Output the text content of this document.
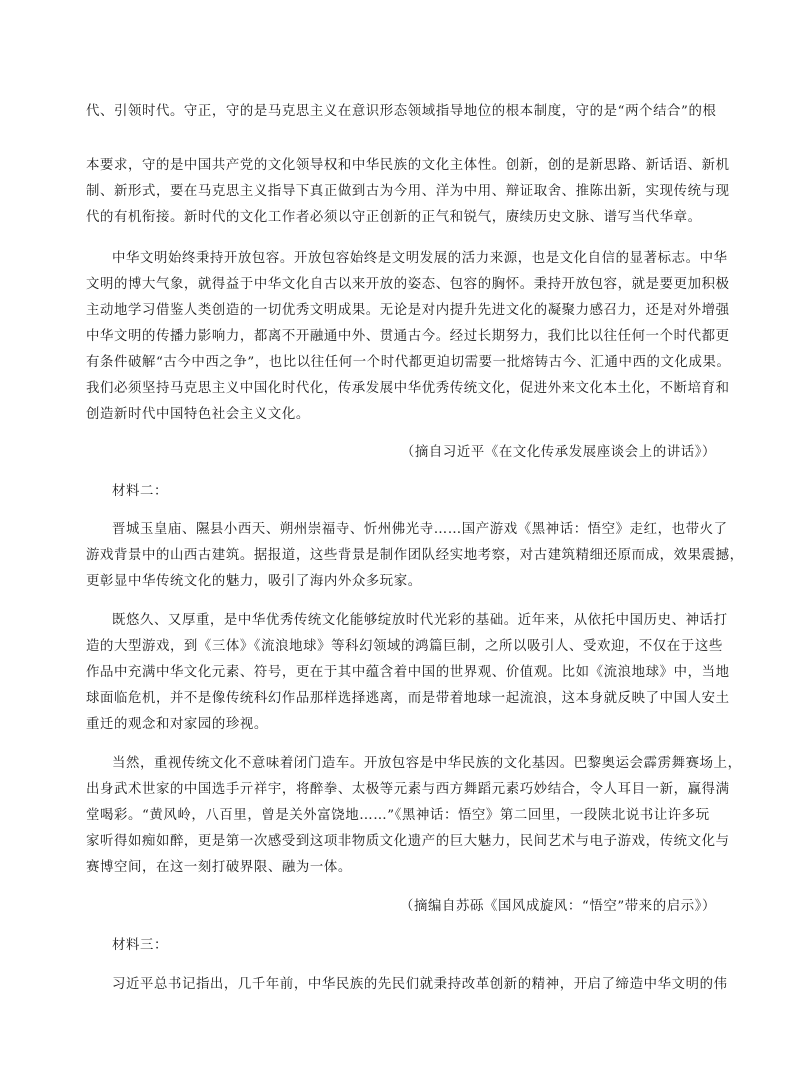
代、引领时代。守正，守的是马克思主义在意识形态领域指导地位的根本制度，守的是“两个结合”的根

本要求，守的是中国共产党的文化领导权和中华民族的文化主体性。创新，创的是新思路、新话语、新机

制、新形式，要在马克思主义指导下真正做到古为今用、洋为中用、辩证取舍、推陈出新，实现传统与现

代的有机衔接。新时代的文化工作者必须以守正创新的正气和锐气，赓续历史文脉、谱写当代华章。

中华文明始终秉持开放包容。开放包容始终是文明发展的活力来源，也是文化自信的显著标志。中华

文明的博大气象，就得益于中华文化自古以来开放的姿态、包容的胸怀。秉持开放包容，就是要更加积极

主动地学习借鉴人类创造的一切优秀文明成果。无论是对内提升先进文化的凝聚力感召力，还是对外增强

中华文明的传播力影响力，都离不开融通中外、贯通古今。经过长期努力，我们比以往任何一个时代都更

有条件破解“古今中西之争”，也比以往任何一个时代都更迫切需要一批熔铸古今、汇通中西的文化成果。

我们必须坚持马克思主义中国化时代化，传承发展中华优秀传统文化，促进外来文化本土化，不断培育和

创造新时代中国特色社会主义文化。

（摘自习近平《在文化传承发展座谈会上的讲话》）

材料二：

晋城玉皇庙、隰县小西天、朔州崇福寺、忻州佛光寺……国产游戏《黑神话：悟空》走红，也带火了

游戏背景中的山西古建筑。据报道，这些背景是制作团队经实地考察，对古建筑精细还原而成，效果震撼，

更彰显中华传统文化的魅力，吸引了海内外众多玩家。

既悠久、又厚重，是中华优秀传统文化能够绽放时代光彩的基础。近年来，从依托中国历史、神话打

造的大型游戏，到《三体》《流浪地球》等科幻领域的鸿篇巨制，之所以吸引人、受欢迎，不仅在于这些

作品中充满中华文化元素、符号，更在于其中蕴含着中国的世界观、价值观。比如《流浪地球》中，当地

球面临危机，并不是像传统科幻作品那样选择逃离，而是带着地球一起流浪，这本身就反映了中国人安土

重迁的观念和对家园的珍视。

当然，重视传统文化不意味着闭门造车。开放包容是中华民族的文化基因。巴黎奥运会霹雳舞赛场上，

出身武术世家的中国选手亓祥宇，将醉拳、太极等元素与西方舞蹈元素巧妙结合，令人耳目一新，赢得满

堂喝彩。“黄风岭，八百里，曾是关外富饶地……”《黑神话：悟空》第二回里，一段陕北说书让许多玩

家听得如痴如醉，更是第一次感受到这项非物质文化遗产的巨大魅力，民间艺术与电子游戏，传统文化与

赛博空间，在这一刻打破界限、融为一体。

（摘编自苏砾《国风成旋风：“悟空”带来的启示》）

材料三：

习近平总书记指出，几千年前，中华民族的先民们就秉持改革创新的精神，开启了缔造中华文明的伟
